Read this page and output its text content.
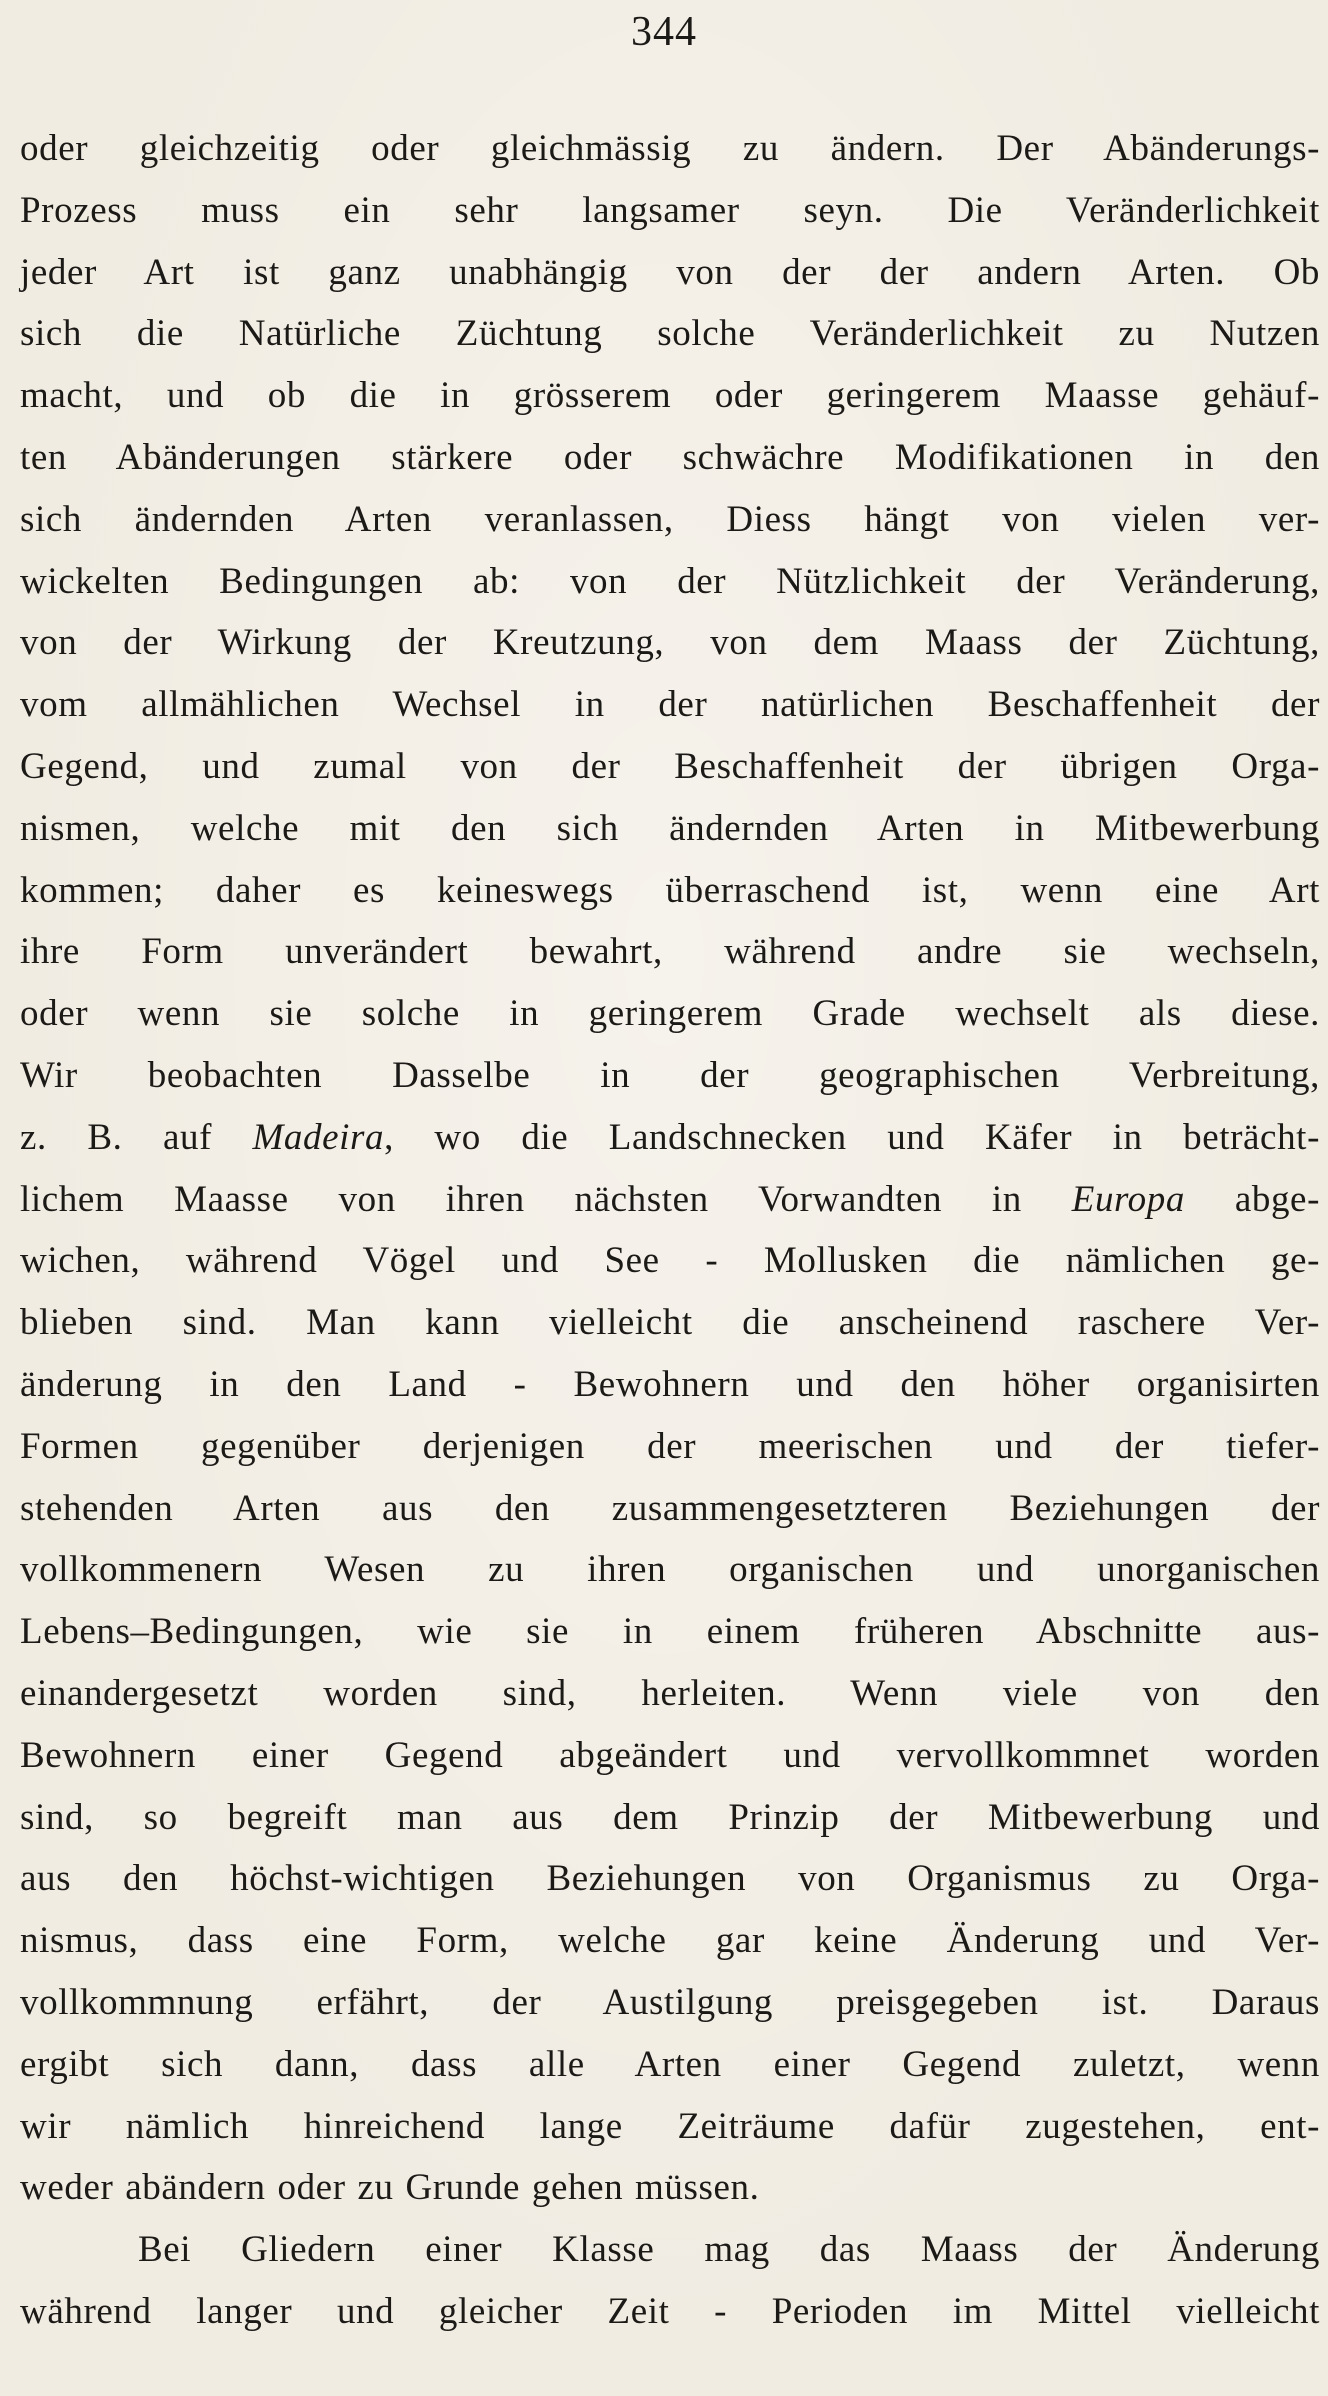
344
oder gleichzeitig oder gleichmässig zu ändern. Der Abänderungs-
Prozess muss ein sehr langsamer seyn. Die Veränderlichkeit
jeder Art ist ganz unabhängig von der der andern Arten. Ob
sich die Natürliche Züchtung solche Veränderlichkeit zu Nutzen
macht, und ob die in grösserem oder geringerem Maasse gehäuf-
ten Abänderungen stärkere oder schwächre Modifikationen in den
sich ändernden Arten veranlassen, Diess hängt von vielen ver-
wickelten Bedingungen ab: von der Nützlichkeit der Veränderung,
von der Wirkung der Kreutzung, von dem Maass der Züchtung,
vom allmählichen Wechsel in der natürlichen Beschaffenheit der
Gegend, und zumal von der Beschaffenheit der übrigen Orga-
nismen, welche mit den sich ändernden Arten in Mitbewerbung
kommen; daher es keineswegs überraschend ist, wenn eine Art
ihre Form unverändert bewahrt, während andre sie wechseln,
oder wenn sie solche in geringerem Grade wechselt als diese.
Wir beobachten Dasselbe in der geographischen Verbreitung,
z. B. auf Madeira, wo die Landschnecken und Käfer in beträcht-
lichem Maasse von ihren nächsten Vorwandten in Europa abge-
wichen, während Vögel und See - Mollusken die nämlichen ge-
blieben sind. Man kann vielleicht die anscheinend raschere Ver-
änderung in den Land - Bewohnern und den höher organisirten
Formen gegenüber derjenigen der meerischen und der tiefer-
stehenden Arten aus den zusammengesetzteren Beziehungen der
vollkommenern Wesen zu ihren organischen und unorganischen
Lebens–Bedingungen, wie sie in einem früheren Abschnitte aus-
einandergesetzt worden sind, herleiten. Wenn viele von den
Bewohnern einer Gegend abgeändert und vervollkommnet worden
sind, so begreift man aus dem Prinzip der Mitbewerbung und
aus den höchst-wichtigen Beziehungen von Organismus zu Orga-
nismus, dass eine Form, welche gar keine Änderung und Ver-
vollkommnung erfährt, der Austilgung preisgegeben ist. Daraus
ergibt sich dann, dass alle Arten einer Gegend zuletzt, wenn
wir nämlich hinreichend lange Zeiträume dafür zugestehen, ent-
weder abändern oder zu Grunde gehen müssen.
Bei Gliedern einer Klasse mag das Maass der Änderung
während langer und gleicher Zeit - Perioden im Mittel vielleicht
